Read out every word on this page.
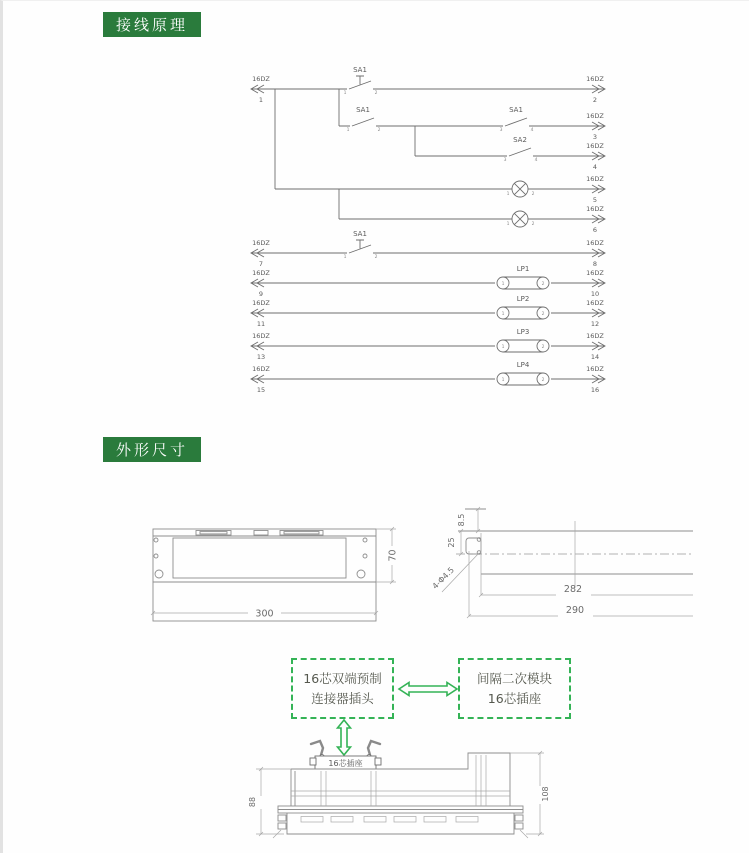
接线原理
16DZ
1
16DZ
7
16DZ
9
16DZ
11
16DZ
13
16DZ
15
16DZ
2
16DZ
3
16DZ
4
16DZ
5
16DZ
6
16DZ
8
16DZ
10
16DZ
12
16DZ
14
16DZ
16
SA1
1	2
SA1
1	2
SA1
3	4
SA2
3	4
1	2
1	2
SA1
1	2
1	2
LP1
1	2
LP2
1	2
LP3
1	2
LP4
外形尺寸
300
70
8.5
25
282
290
4-Φ4.5
16芯双端预制
连接器插头
间隔二次模块
16芯插座
16芯插座
88
108
